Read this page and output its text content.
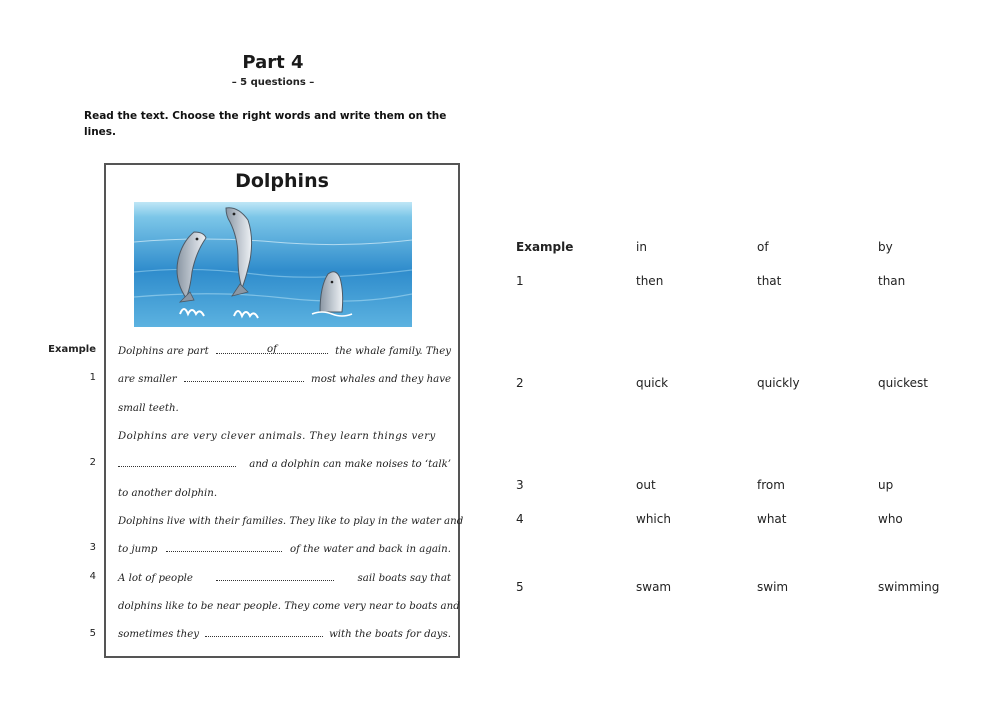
Part 4
– 5 questions –
Read the text. Choose the right words and write them on the lines.
Example
1
2
3
4
5
Dolphins
Dolphins are part	of	the whale family. They
are smaller	most whales and they have
small teeth.
Dolphins are very clever animals. They learn things very
and a dolphin can make noises to ‘talk’
to another dolphin.
Dolphins live with their families. They like to play in the water and
to jump	of the water and back in again.
A lot of people	sail boats say that
dolphins like to be near people. They come very near to boats and
sometimes they	with the boats for days.
Example	in	of	by
1	then	that	than
2	quick	quickly	quickest
3	out	from	up
4	which	what	who
5	swam	swim	swimming
